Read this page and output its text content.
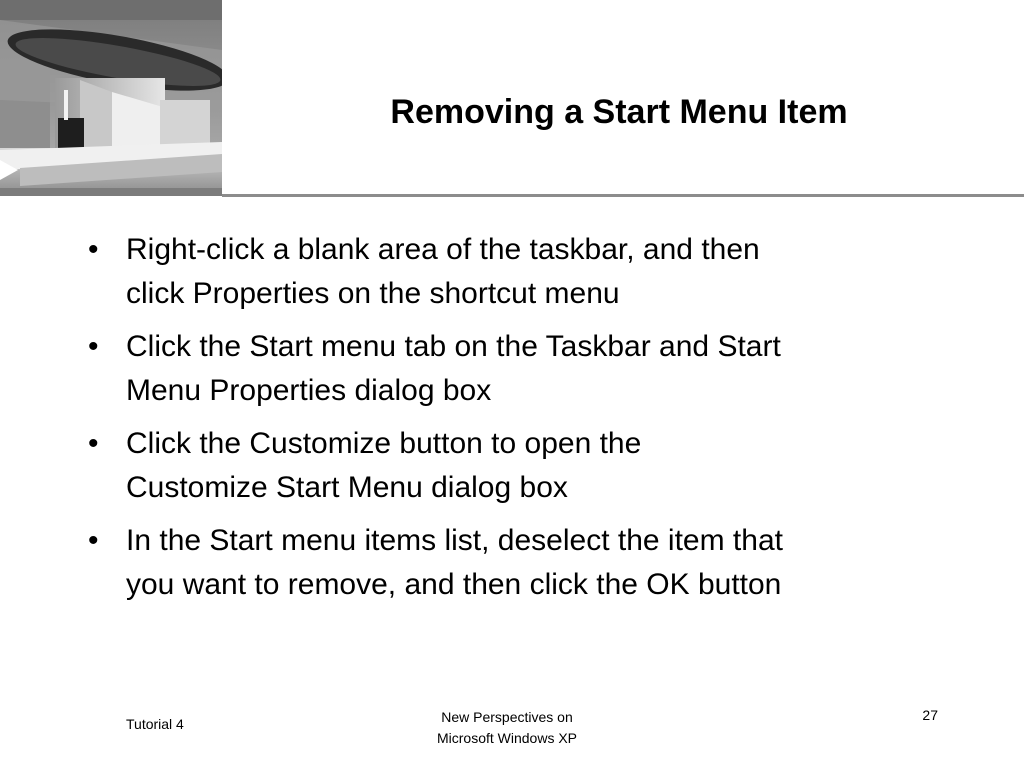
Removing a Start Menu Item
• Right-click a blank area of the taskbar, and then
click Properties on the shortcut menu
• Click the Start menu tab on the Taskbar and Start
Menu Properties dialog box
• Click the Customize button to open the
Customize Start Menu dialog box
• In the Start menu items list, deselect the item that
you want to remove, and then click the OK button
Tutorial 4	New Perspectives on
Microsoft Windows XP
27
